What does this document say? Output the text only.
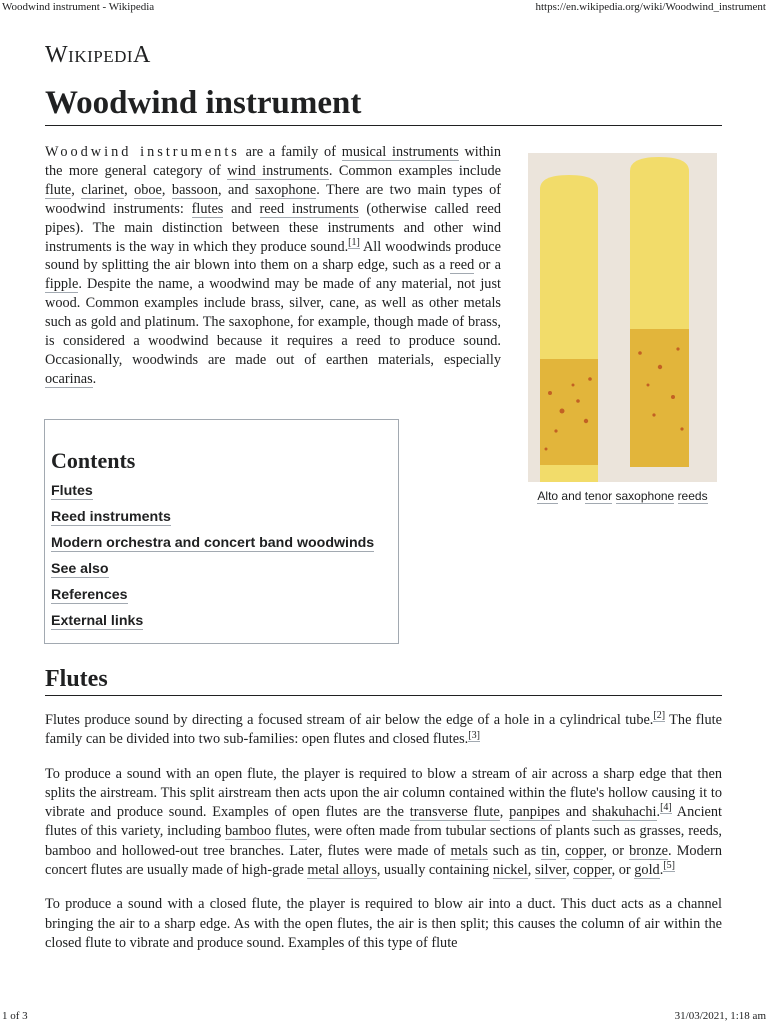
Woodwind instrument - Wikipedia	https://en.wikipedia.org/wiki/Woodwind_instrument
WIKIPEDIA
Woodwind instrument

Woodwind instruments are a family of musical instruments within the more general category of wind instruments. Common examples include flute, clarinet, oboe, bassoon, and saxophone. There are two main types of woodwind instruments: flutes and reed instruments (otherwise called reed pipes). The main distinction between these instruments and other wind instruments is the way in which they produce sound.[1] All woodwinds produce sound by splitting the air blown into them on a sharp edge, such as a reed or a fipple. Despite the name, a woodwind may be made of any material, not just wood. Common examples include brass, silver, cane, as well as other metals such as gold and platinum. The saxophone, for example, though made of brass, is considered a woodwind because it requires a reed to produce sound. Occasionally, woodwinds are made out of earthen materials, especially ocarinas.

Alto and tenor saxophone reeds
Contents
Flutes
Reed instruments
Modern orchestra and concert band woodwinds
See also
References
External links
Flutes

Flutes produce sound by directing a focused stream of air below the edge of a hole in a cylindrical tube.[2] The flute family can be divided into two sub-families: open flutes and closed flutes.[3]

To produce a sound with an open flute, the player is required to blow a stream of air across a sharp edge that then splits the airstream. This split airstream then acts upon the air column contained within the flute's hollow causing it to vibrate and produce sound. Examples of open flutes are the transverse flute, panpipes and shakuhachi.[4] Ancient flutes of this variety, including bamboo flutes, were often made from tubular sections of plants such as grasses, reeds, bamboo and hollowed-out tree branches. Later, flutes were made of metals such as tin, copper, or bronze. Modern concert flutes are usually made of high-grade metal alloys, usually containing nickel, silver, copper, or gold.[5]

To produce a sound with a closed flute, the player is required to blow air into a duct. This duct acts as a channel bringing the air to a sharp edge. As with the open flutes, the air is then split; this causes the column of air within the closed flute to vibrate and produce sound. Examples of this type of flute

1 of 3	31/03/2021, 1:18 am
